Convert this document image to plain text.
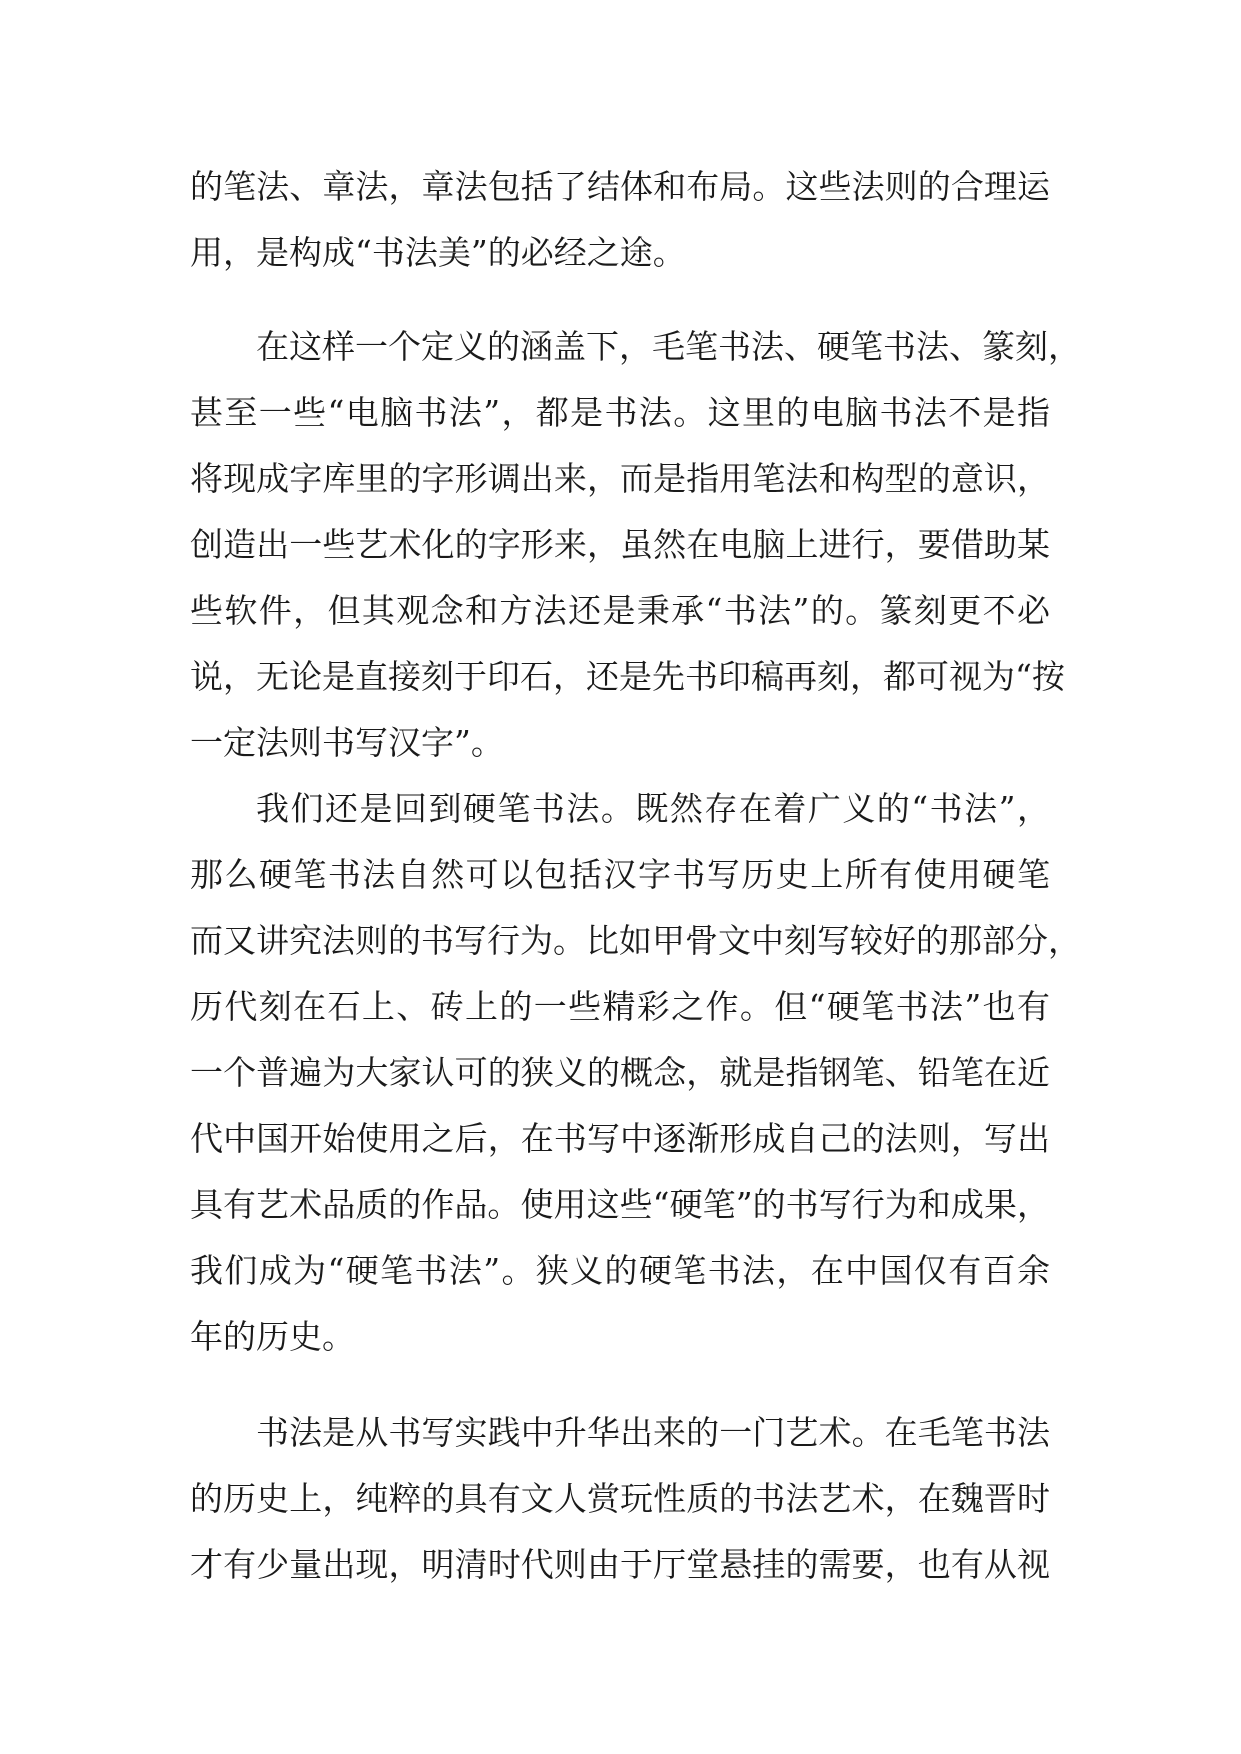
的笔法、章法，章法包括了结体和布局。这些法则的合理运
用，是构成“书法美”的必经之途。
在这样一个定义的涵盖下，毛笔书法、硬笔书法、篆刻，
甚至一些“电脑书法”，都是书法。这里的电脑书法不是指
将现成字库里的字形调出来，而是指用笔法和构型的意识，
创造出一些艺术化的字形来，虽然在电脑上进行，要借助某
些软件，但其观念和方法还是秉承“书法”的。篆刻更不必
说，无论是直接刻于印石，还是先书印稿再刻，都可视为“按
一定法则书写汉字”。
我们还是回到硬笔书法。既然存在着广义的“书法”，
那么硬笔书法自然可以包括汉字书写历史上所有使用硬笔
而又讲究法则的书写行为。比如甲骨文中刻写较好的那部分，
历代刻在石上、砖上的一些精彩之作。但“硬笔书法”也有
一个普遍为大家认可的狭义的概念，就是指钢笔、铅笔在近
代中国开始使用之后，在书写中逐渐形成自己的法则，写出
具有艺术品质的作品。使用这些“硬笔”的书写行为和成果，
我们成为“硬笔书法”。狭义的硬笔书法，在中国仅有百余
年的历史。
书法是从书写实践中升华出来的一门艺术。在毛笔书法
的历史上，纯粹的具有文人赏玩性质的书法艺术，在魏晋时
才有少量出现，明清时代则由于厅堂悬挂的需要，也有从视
